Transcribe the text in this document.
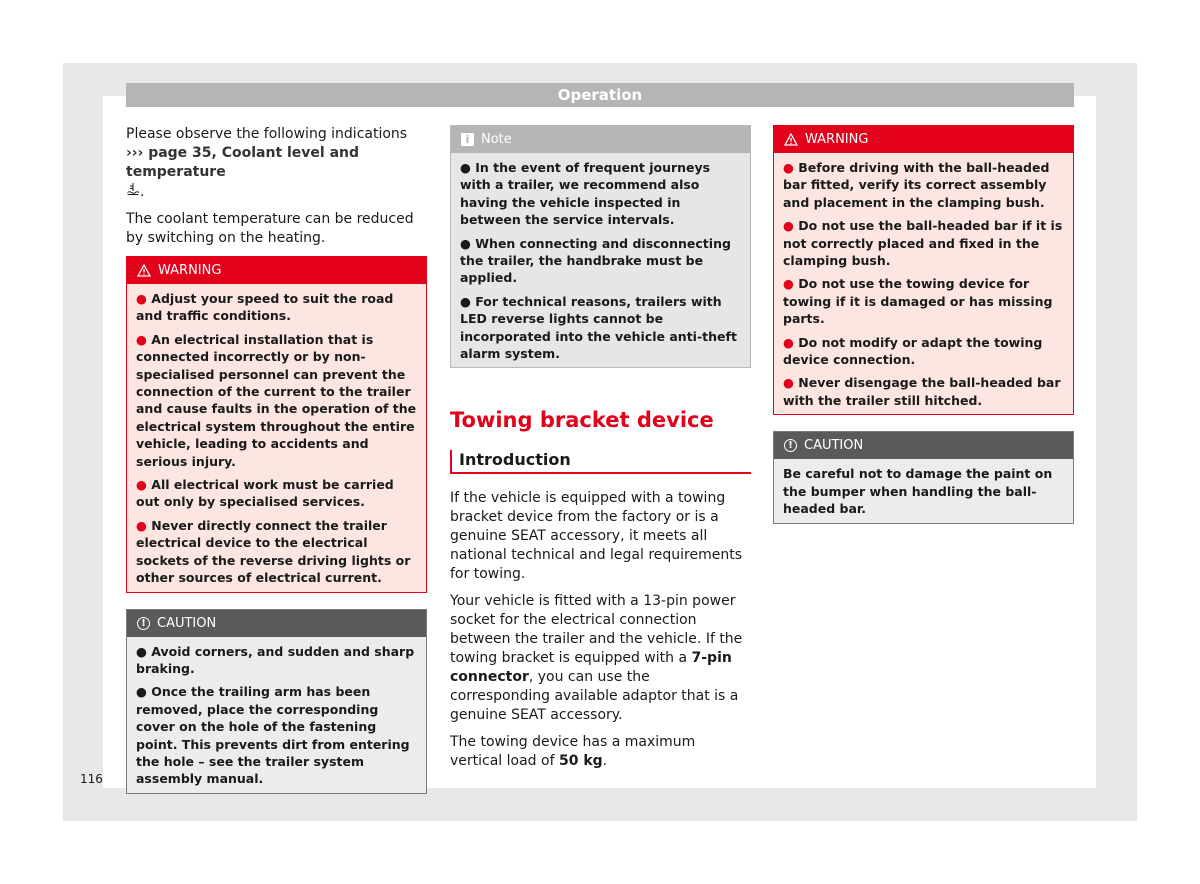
Operation

Please observe the following indications
››› page 35, Coolant level and temperature
.

The coolant temperature can be reduced by switching on the heating.

WARNING

● Adjust your speed to suit the road and traffic conditions.

● An electrical installation that is connected incorrectly or by non-specialised personnel can prevent the connection of the current to the trailer and cause faults in the operation of the electrical system throughout the entire vehicle, leading to accidents and serious injury.

● All electrical work must be carried out only by specialised services.

● Never directly connect the trailer electrical device to the electrical sockets of the reverse driving lights or other sources of electrical current.

! CAUTION

● Avoid corners, and sudden and sharp braking.

● Once the trailing arm has been removed, place the corresponding cover on the hole of the fastening point. This prevents dirt from entering the hole – see the trailer system assembly manual.

i Note

● In the event of frequent journeys with a trailer, we recommend also having the vehicle inspected in between the service intervals.

● When connecting and disconnecting the trailer, the handbrake must be applied.

● For technical reasons, trailers with LED reverse lights cannot be incorporated into the vehicle anti-theft alarm system.

Towing bracket device
Introduction

If the vehicle is equipped with a towing bracket device from the factory or is a genuine SEAT accessory, it meets all national technical and legal requirements for towing.

Your vehicle is fitted with a 13-pin power socket for the electrical connection between the trailer and the vehicle. If the towing bracket is equipped with a 7-pin connector, you can use the corresponding available adaptor that is a genuine SEAT accessory.

The towing device has a maximum vertical load of 50 kg.

WARNING

● Before driving with the ball-headed bar fitted, verify its correct assembly and placement in the clamping bush.

● Do not use the ball-headed bar if it is not correctly placed and fixed in the clamping bush.

● Do not use the towing device for towing if it is damaged or has missing parts.

● Do not modify or adapt the towing device connection.

● Never disengage the ball-headed bar with the trailer still hitched.

! CAUTION

Be careful not to damage the paint on the bumper when handling the ball-headed bar.

116
